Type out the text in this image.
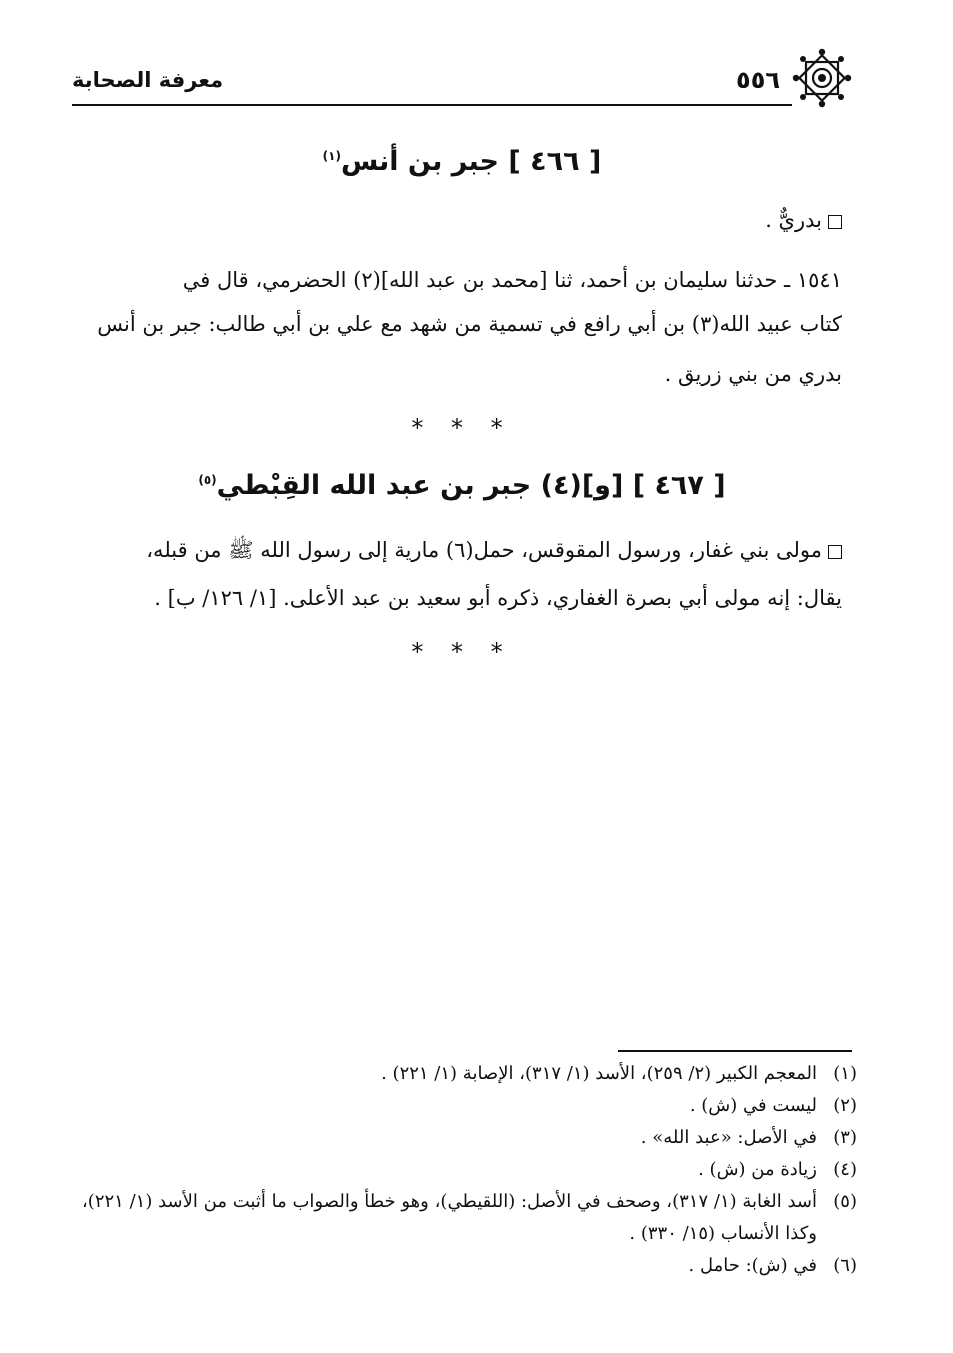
معرفة الصحابة	٥٥٦
[ ٤٦٦ ] جبر بن أنس$^{(١)}$
بدريٌّ .
١٥٤١ ـ حدثنا سليمان بن أحمد، ثنا [محمد بن عبد الله](٢) الحضرمي، قال في
كتاب عبيد الله(٣) بن أبي رافع في تسمية من شهد مع علي بن أبي طالب: جبر بن أنس
بدري من بني زريق .
* * *
[ ٤٦٧ ] [و](٤) جبر بن عبد الله القِبْطي$^{(٥)}$
مولى بني غفار، ورسول المقوقس، حمل(٦) مارية إلى رسول الله ﷺ من قبله،
يقال: إنه مولى أبي بصرة الغفاري، ذكره أبو سعيد بن عبد الأعلى. [١/ ١٢٦/ ب] .
* * *
(١)
المعجم الكبير (٢/ ٢٥٩)، الأسد (١/ ٣١٧)، الإصابة (١/ ٢٢١) .
(٢)
ليست في (ش) .
(٣)
في الأصل: «عبد الله» .
(٤)
زيادة من (ش) .
(٥)
أسد الغابة (١/ ٣١٧)، وصحف في الأصل: (اللقيطي)، وهو خطأ والصواب ما أثبت من الأسد (١/ ٢٢١)، وكذا الأنساب (١٥/ ٣٣٠) .
(٦)
في (ش): حامل .
